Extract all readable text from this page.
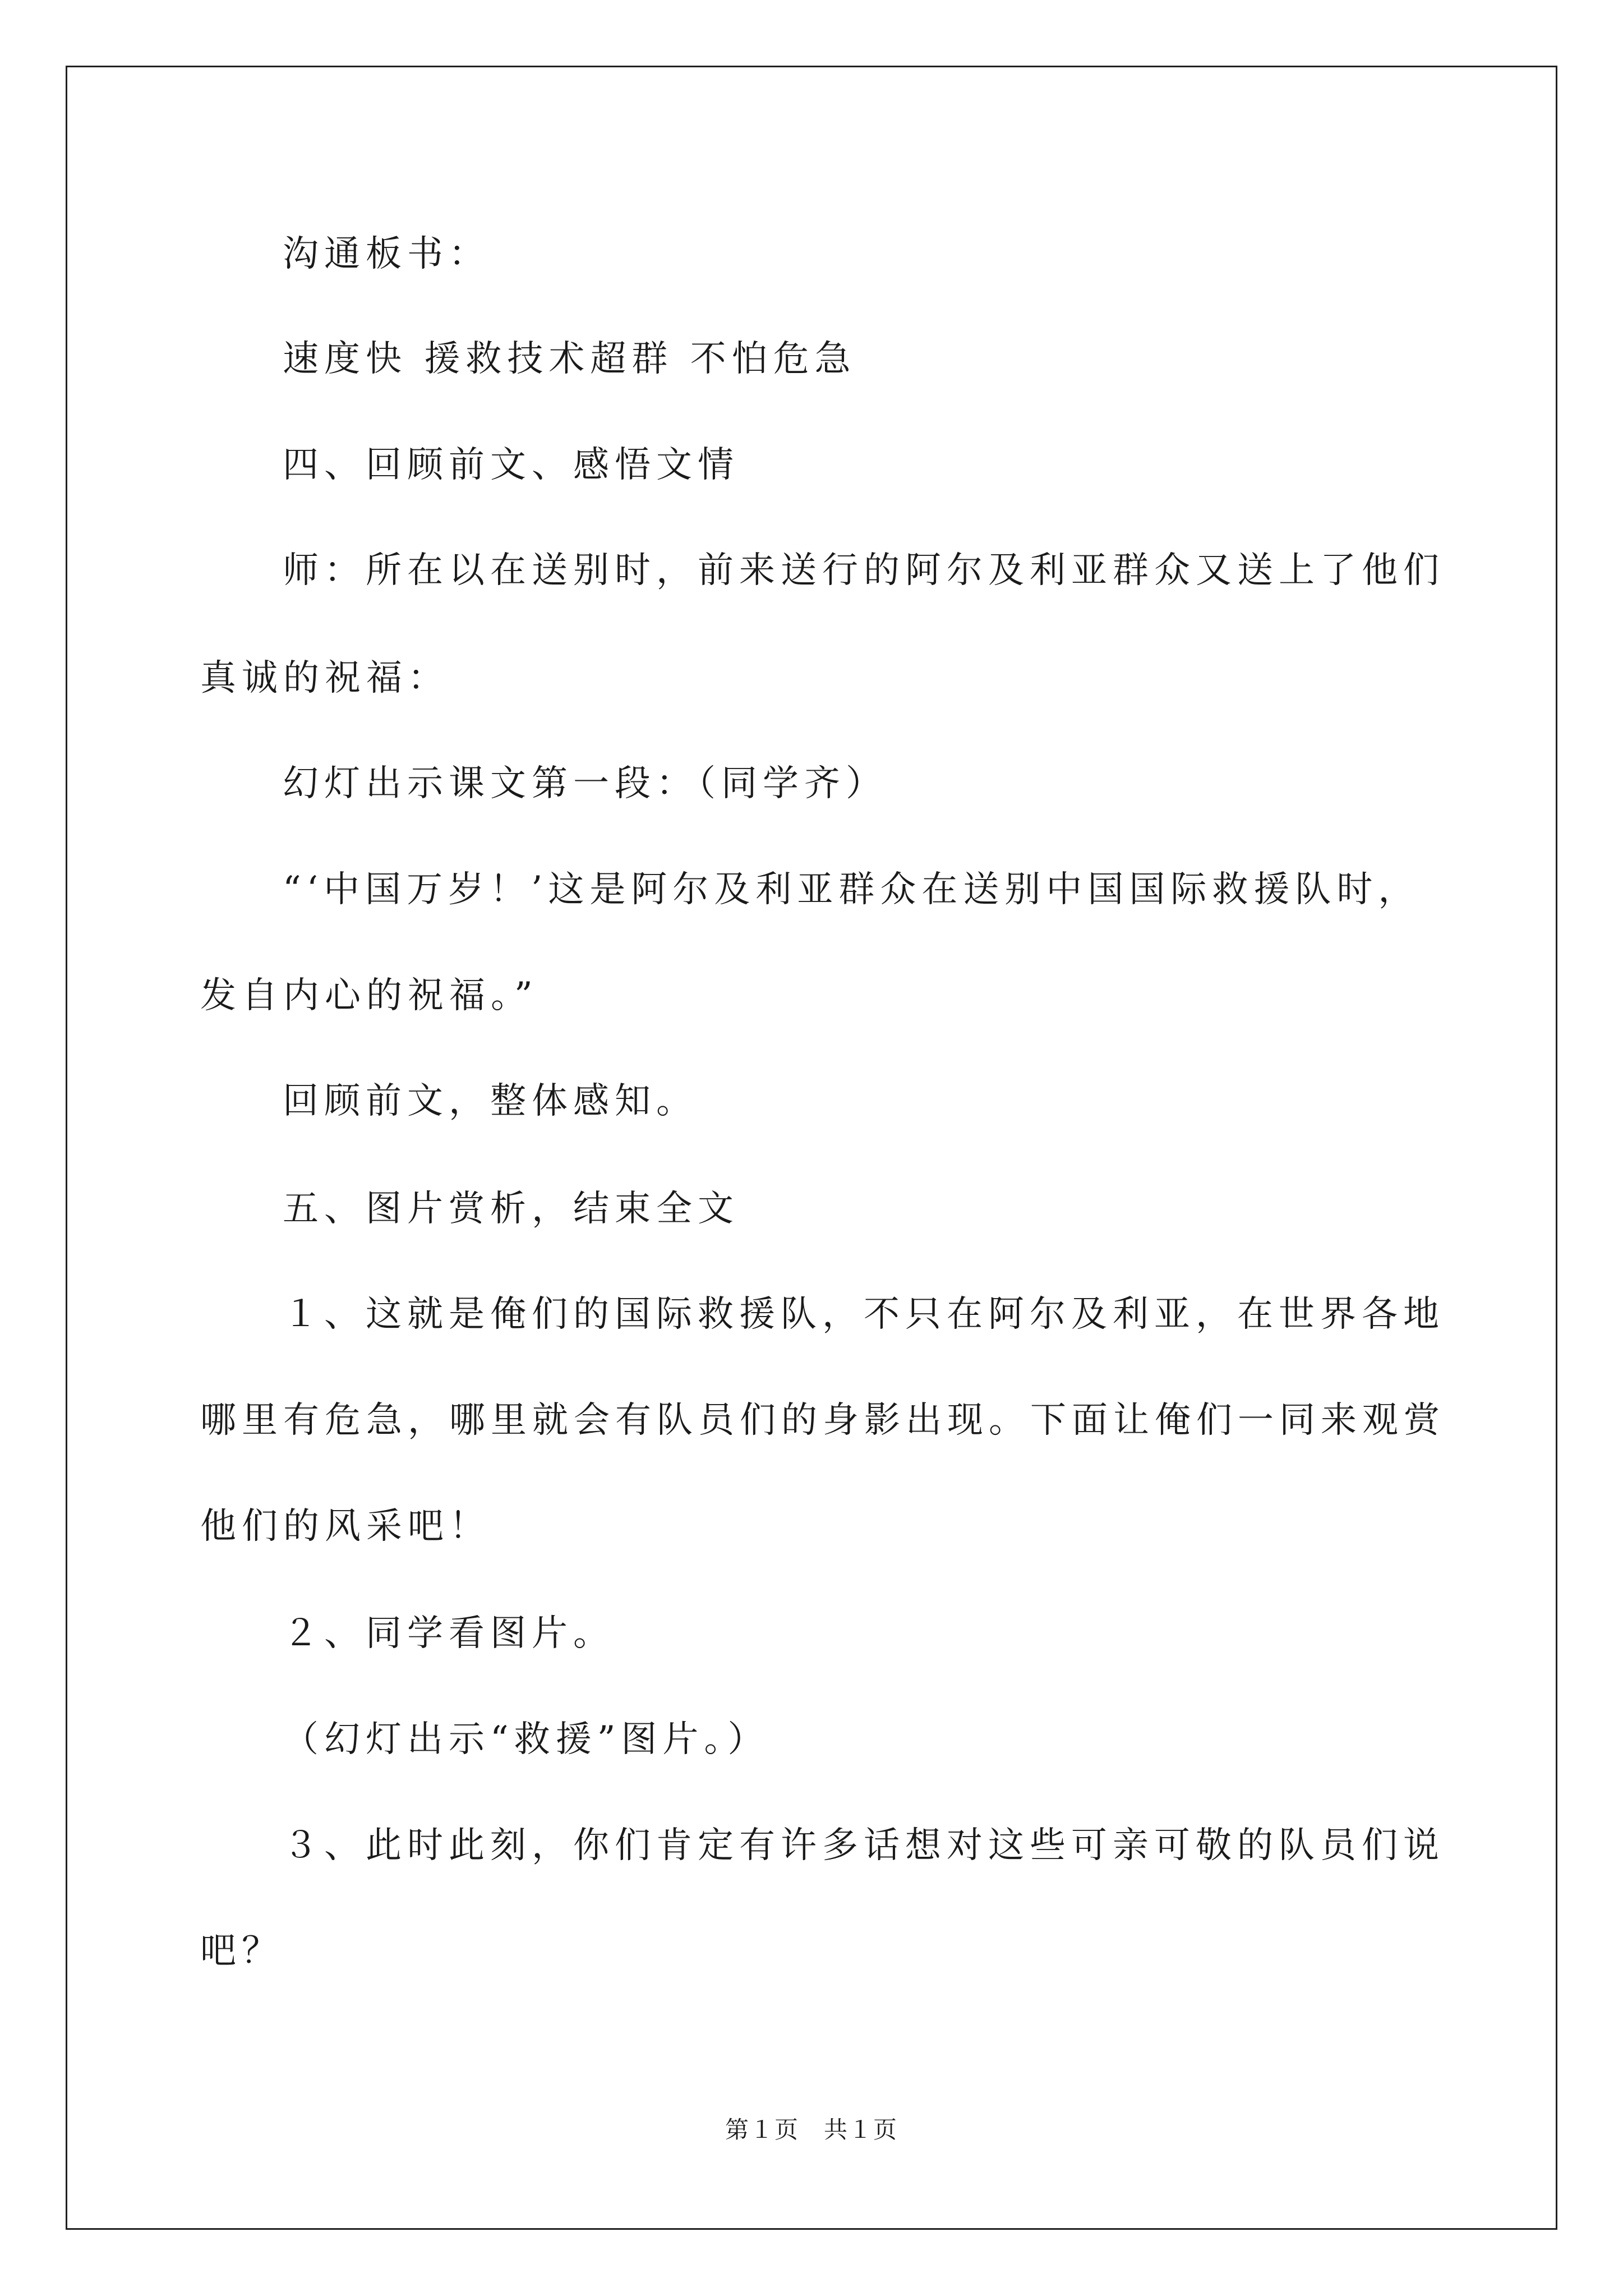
沟通板书：
速度快 援救技术超群 不怕危急
四、回顾前文、感悟文情
师：所在以在送别时，前来送行的阿尔及利亚群众又送上了他们
真诚的祝福：
幻灯出示课文第一段：（同学齐）
“‘中国万岁！’这是阿尔及利亚群众在送别中国国际救援队时，
发自内心的祝福。”
回顾前文，整体感知。
五、图片赏析，结束全文
１、这就是俺们的国际救援队，不只在阿尔及利亚，在世界各地
哪里有危急，哪里就会有队员们的身影出现。下面让俺们一同来观赏
他们的风采吧！
２、同学看图片。
（幻灯出示“救援”图片。）
３、此时此刻，你们肯定有许多话想对这些可亲可敬的队员们说
吧？
第１页　共１页
